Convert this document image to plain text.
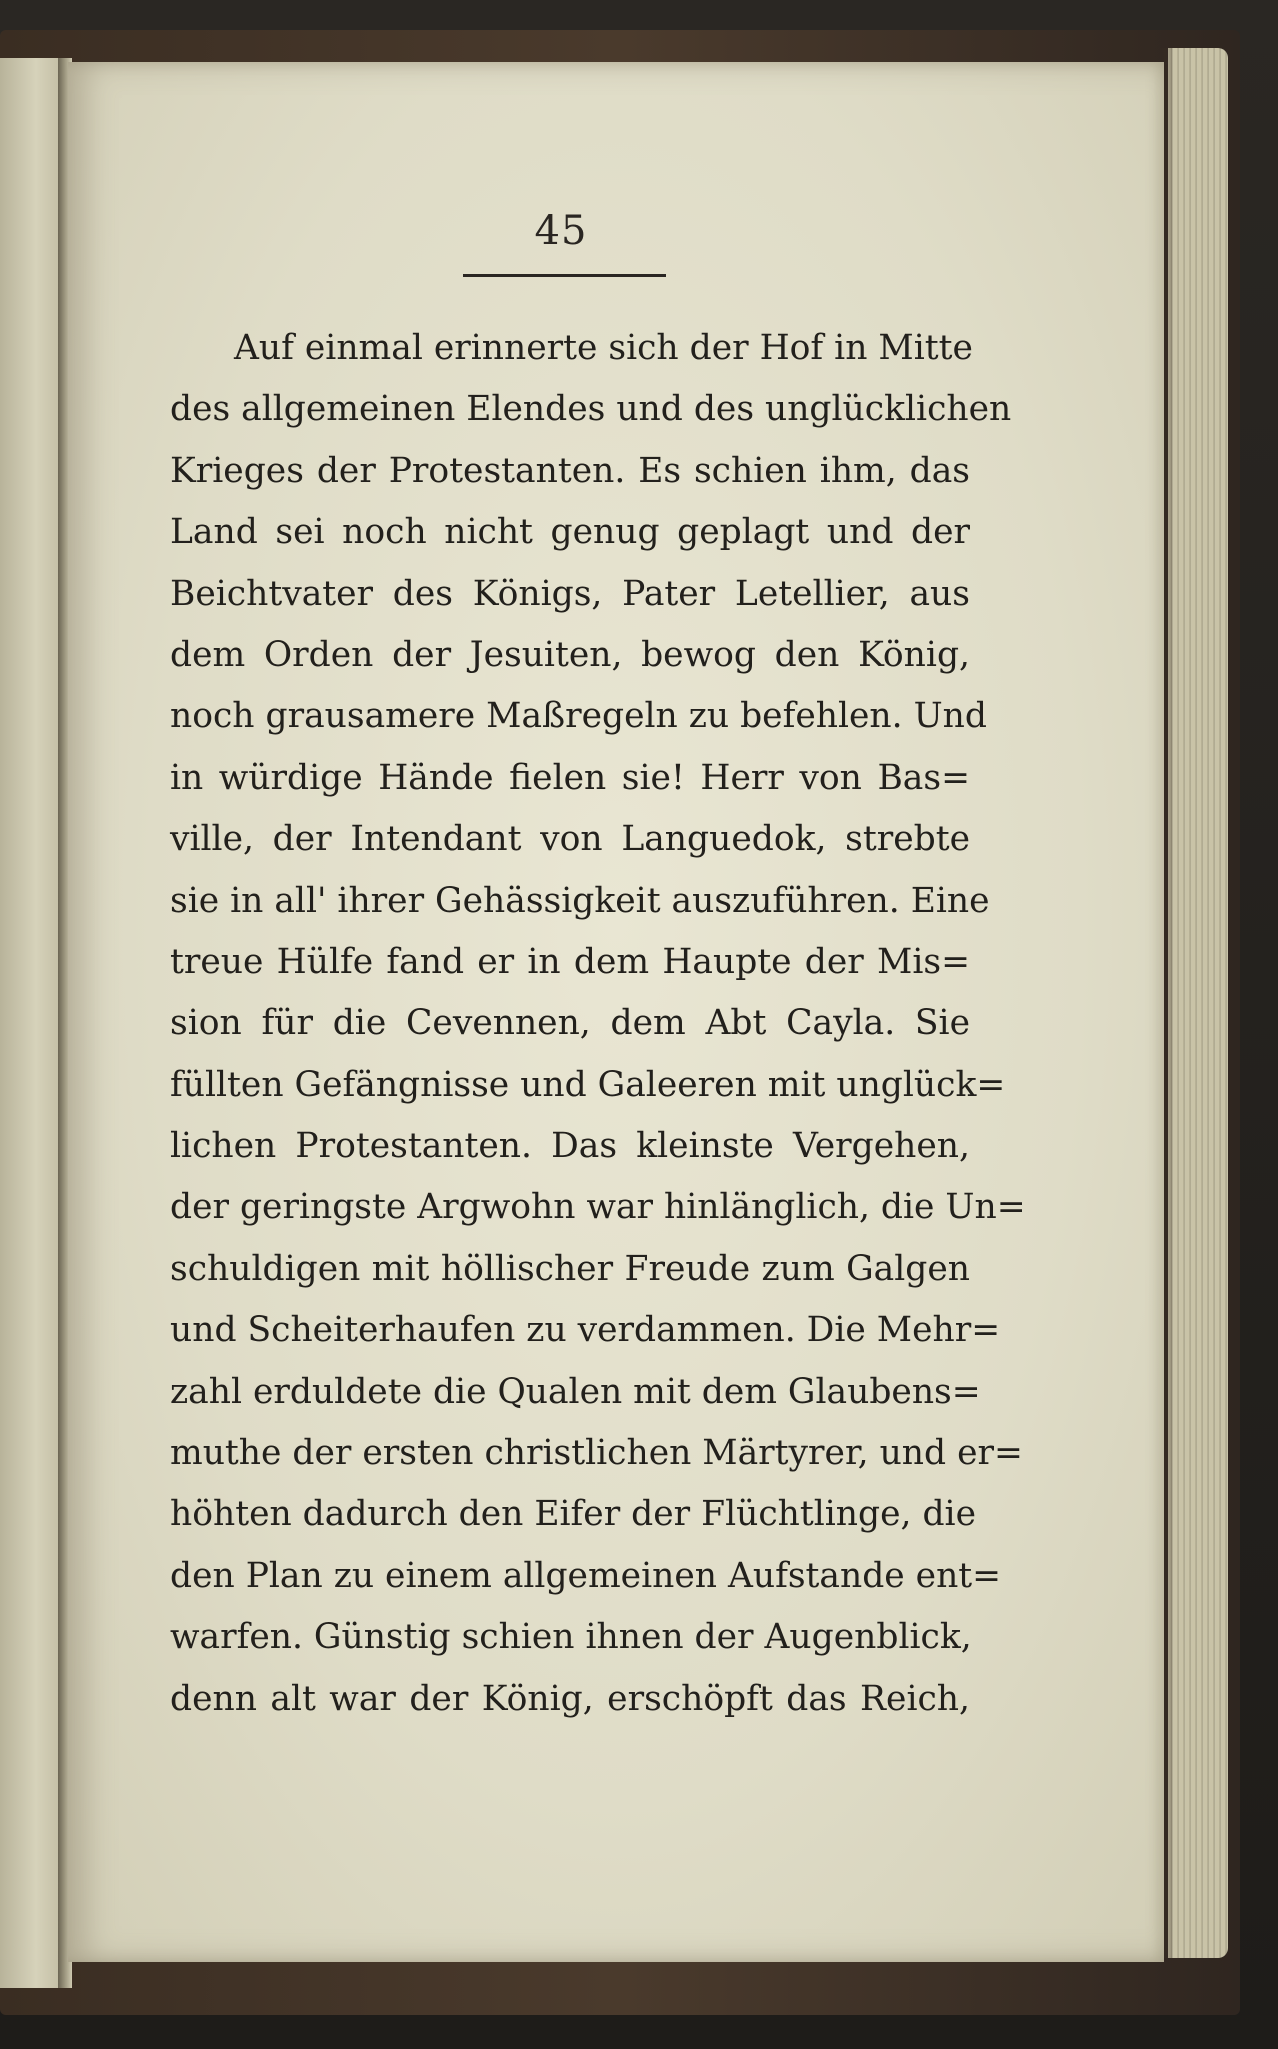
45
Auf einmal erinnerte sich der Hof in Mitte
des allgemeinen Elendes und des unglücklichen
Krieges der Protestanten. Es schien ihm, das
Land sei noch nicht genug geplagt und der
Beichtvater des Königs, Pater Letellier, aus
dem Orden der Jesuiten, bewog den König,
noch grausamere Maßregeln zu befehlen. Und
in würdige Hände fielen sie! Herr von Bas=
ville, der Intendant von Languedok, strebte
sie in all' ihrer Gehässigkeit auszuführen. Eine
treue Hülfe fand er in dem Haupte der Mis=
sion für die Cevennen, dem Abt Cayla. Sie
füllten Gefängnisse und Galeeren mit unglück=
lichen Protestanten. Das kleinste Vergehen,
der geringste Argwohn war hinlänglich, die Un=
schuldigen mit höllischer Freude zum Galgen
und Scheiterhaufen zu verdammen. Die Mehr=
zahl erduldete die Qualen mit dem Glaubens=
muthe der ersten christlichen Märtyrer, und er=
höhten dadurch den Eifer der Flüchtlinge, die
den Plan zu einem allgemeinen Aufstande ent=
warfen. Günstig schien ihnen der Augenblick,
denn alt war der König, erschöpft das Reich,
